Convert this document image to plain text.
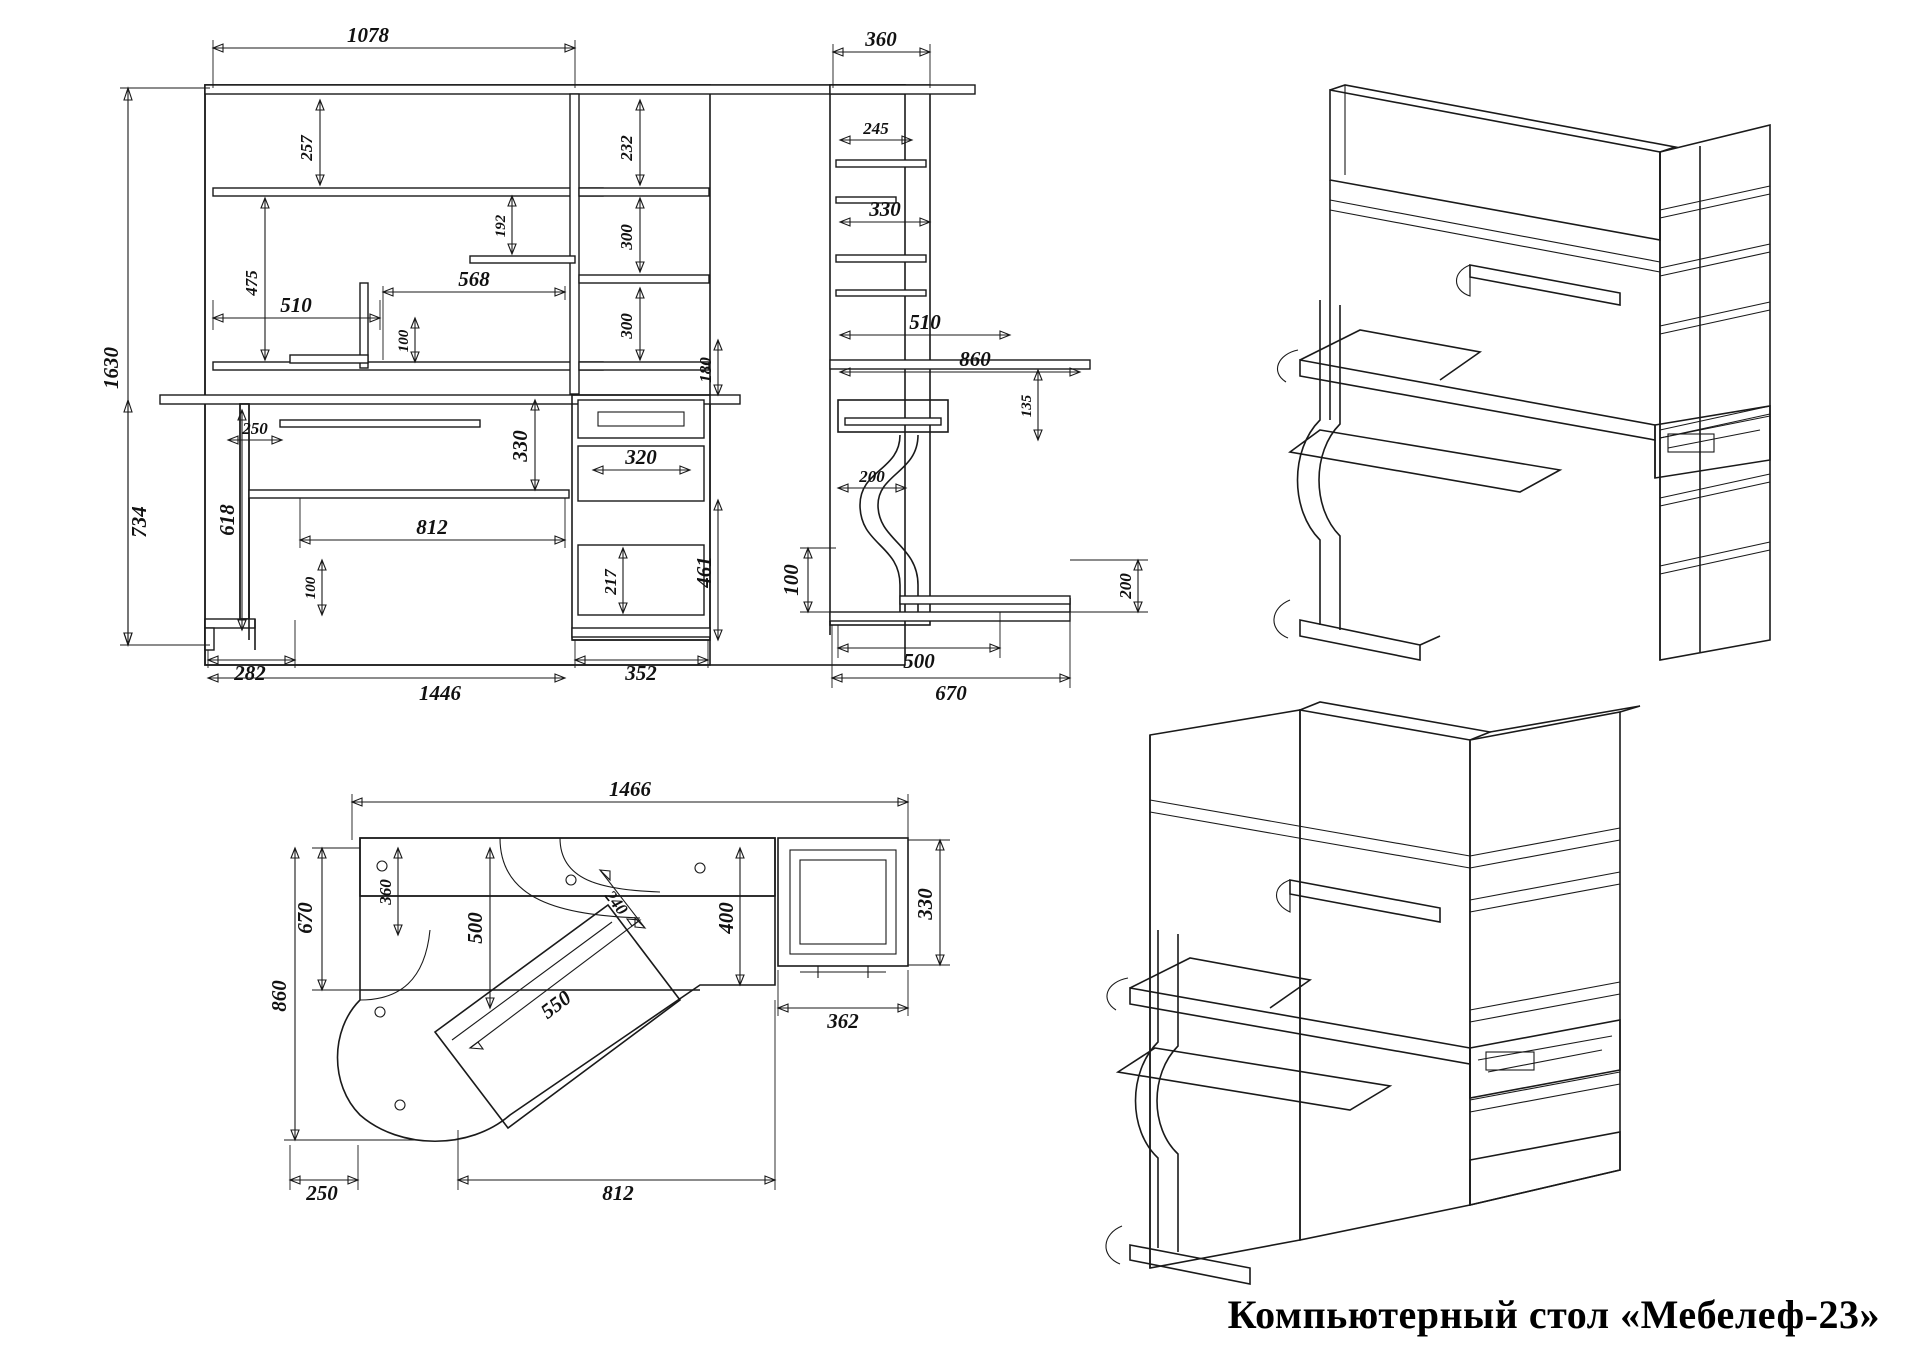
1078
257	232
192	300
300
475	568
510
100
180
1630
734
330
250
618
320
812
100	217	461
282
1446
352
360
245
330
510
860
135
200
100	200
500
670
1466
360
500
240	400	330
550
670
860
362
250	812
Компьютерный стол «Мебелеф-23»
